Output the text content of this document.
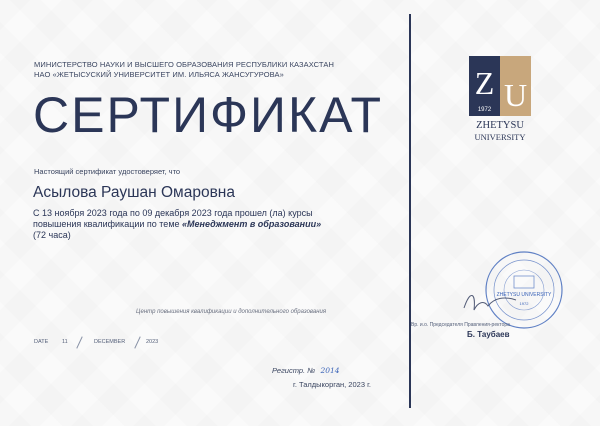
МИНИСТЕРСТВО НАУКИ И ВЫСШЕГО ОБРАЗОВАНИЯ РЕСПУБЛИКИ КАЗАХСТАН
НАО «ЖЕТЫСУСКИЙ УНИВЕРСИТЕТ ИМ. ИЛЬЯСА ЖАНСУГУРОВА»
СЕРТИФИКАТ
Настоящий сертификат удостоверяет, что
Асылова Раушан Омаровна
С 13 ноября 2023 года по 09 декабря 2023 года прошел (ла) курсы
повышения квалификации по теме «Менеджмент в образовании»
(72 часа)
Центр повышения квалификации и дополнительного образования
DATE 11	DECEMBER	2023
Регистр. № 2014
г. Талдыкорган, 2023 г.
Z U
1972
ZHETYSU
UNIVERSITY
ZHETYSU UNIVERSITY
1972
Вр. и.о. Председателя Правления-ректора
Б. Таубаев
